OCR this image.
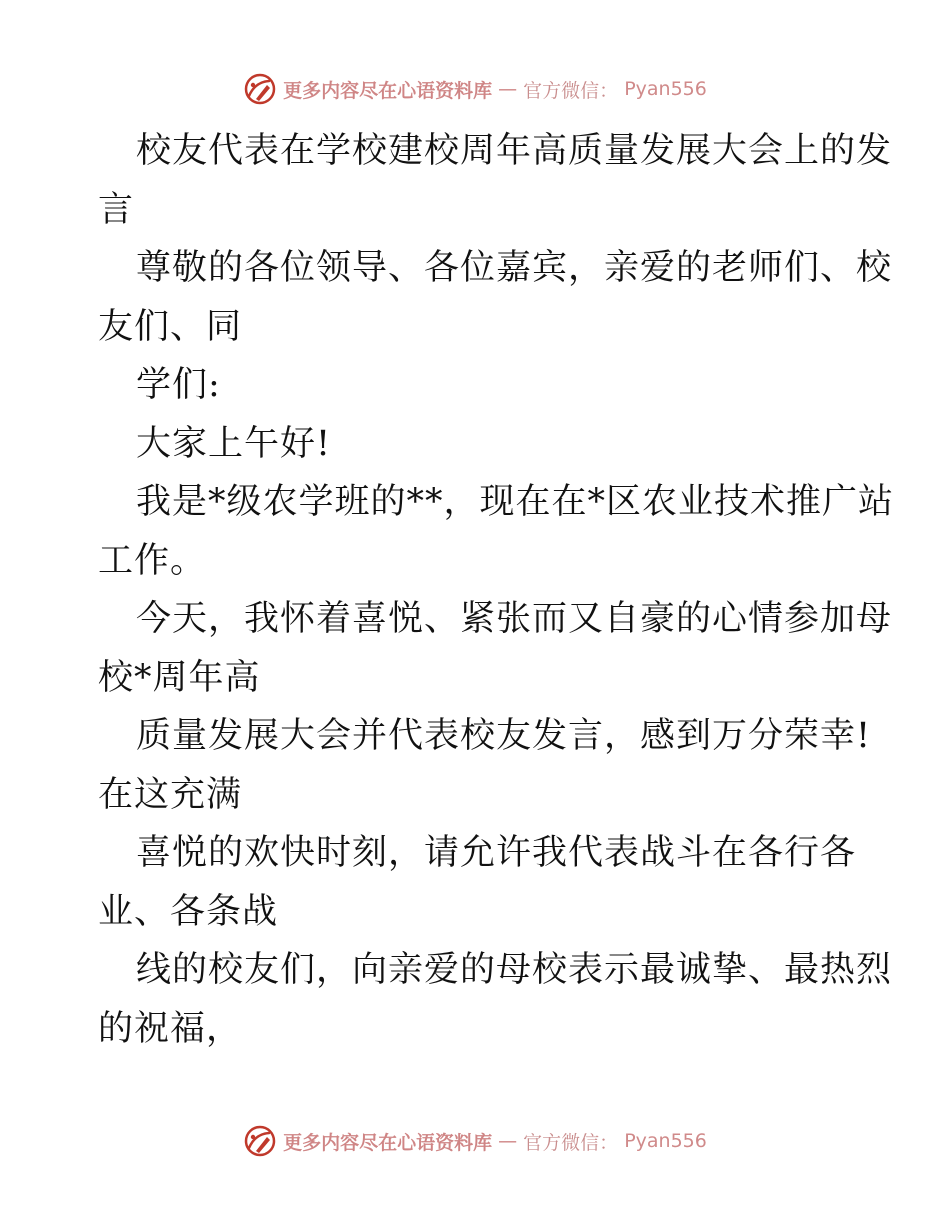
更多内容尽在心语资料库 — 官方微信： Pyan556

校友代表在学校建校周年高质量发展大会上的发

言

尊敬的各位领导、各位嘉宾，亲爱的老师们、校

友们、同

学们:

大家上午好!

我是*级农学班的**，现在在*区农业技术推广站

工作。

今天，我怀着喜悦、紧张而又自豪的心情参加母

校*周年高

质量发展大会并代表校友发言，感到万分荣幸!

在这充满

喜悦的欢快时刻，请允许我代表战斗在各行各

业、各条战

线的校友们，向亲爱的母校表示最诚挚、最热烈

的祝福，

更多内容尽在心语资料库 — 官方微信： Pyan556
